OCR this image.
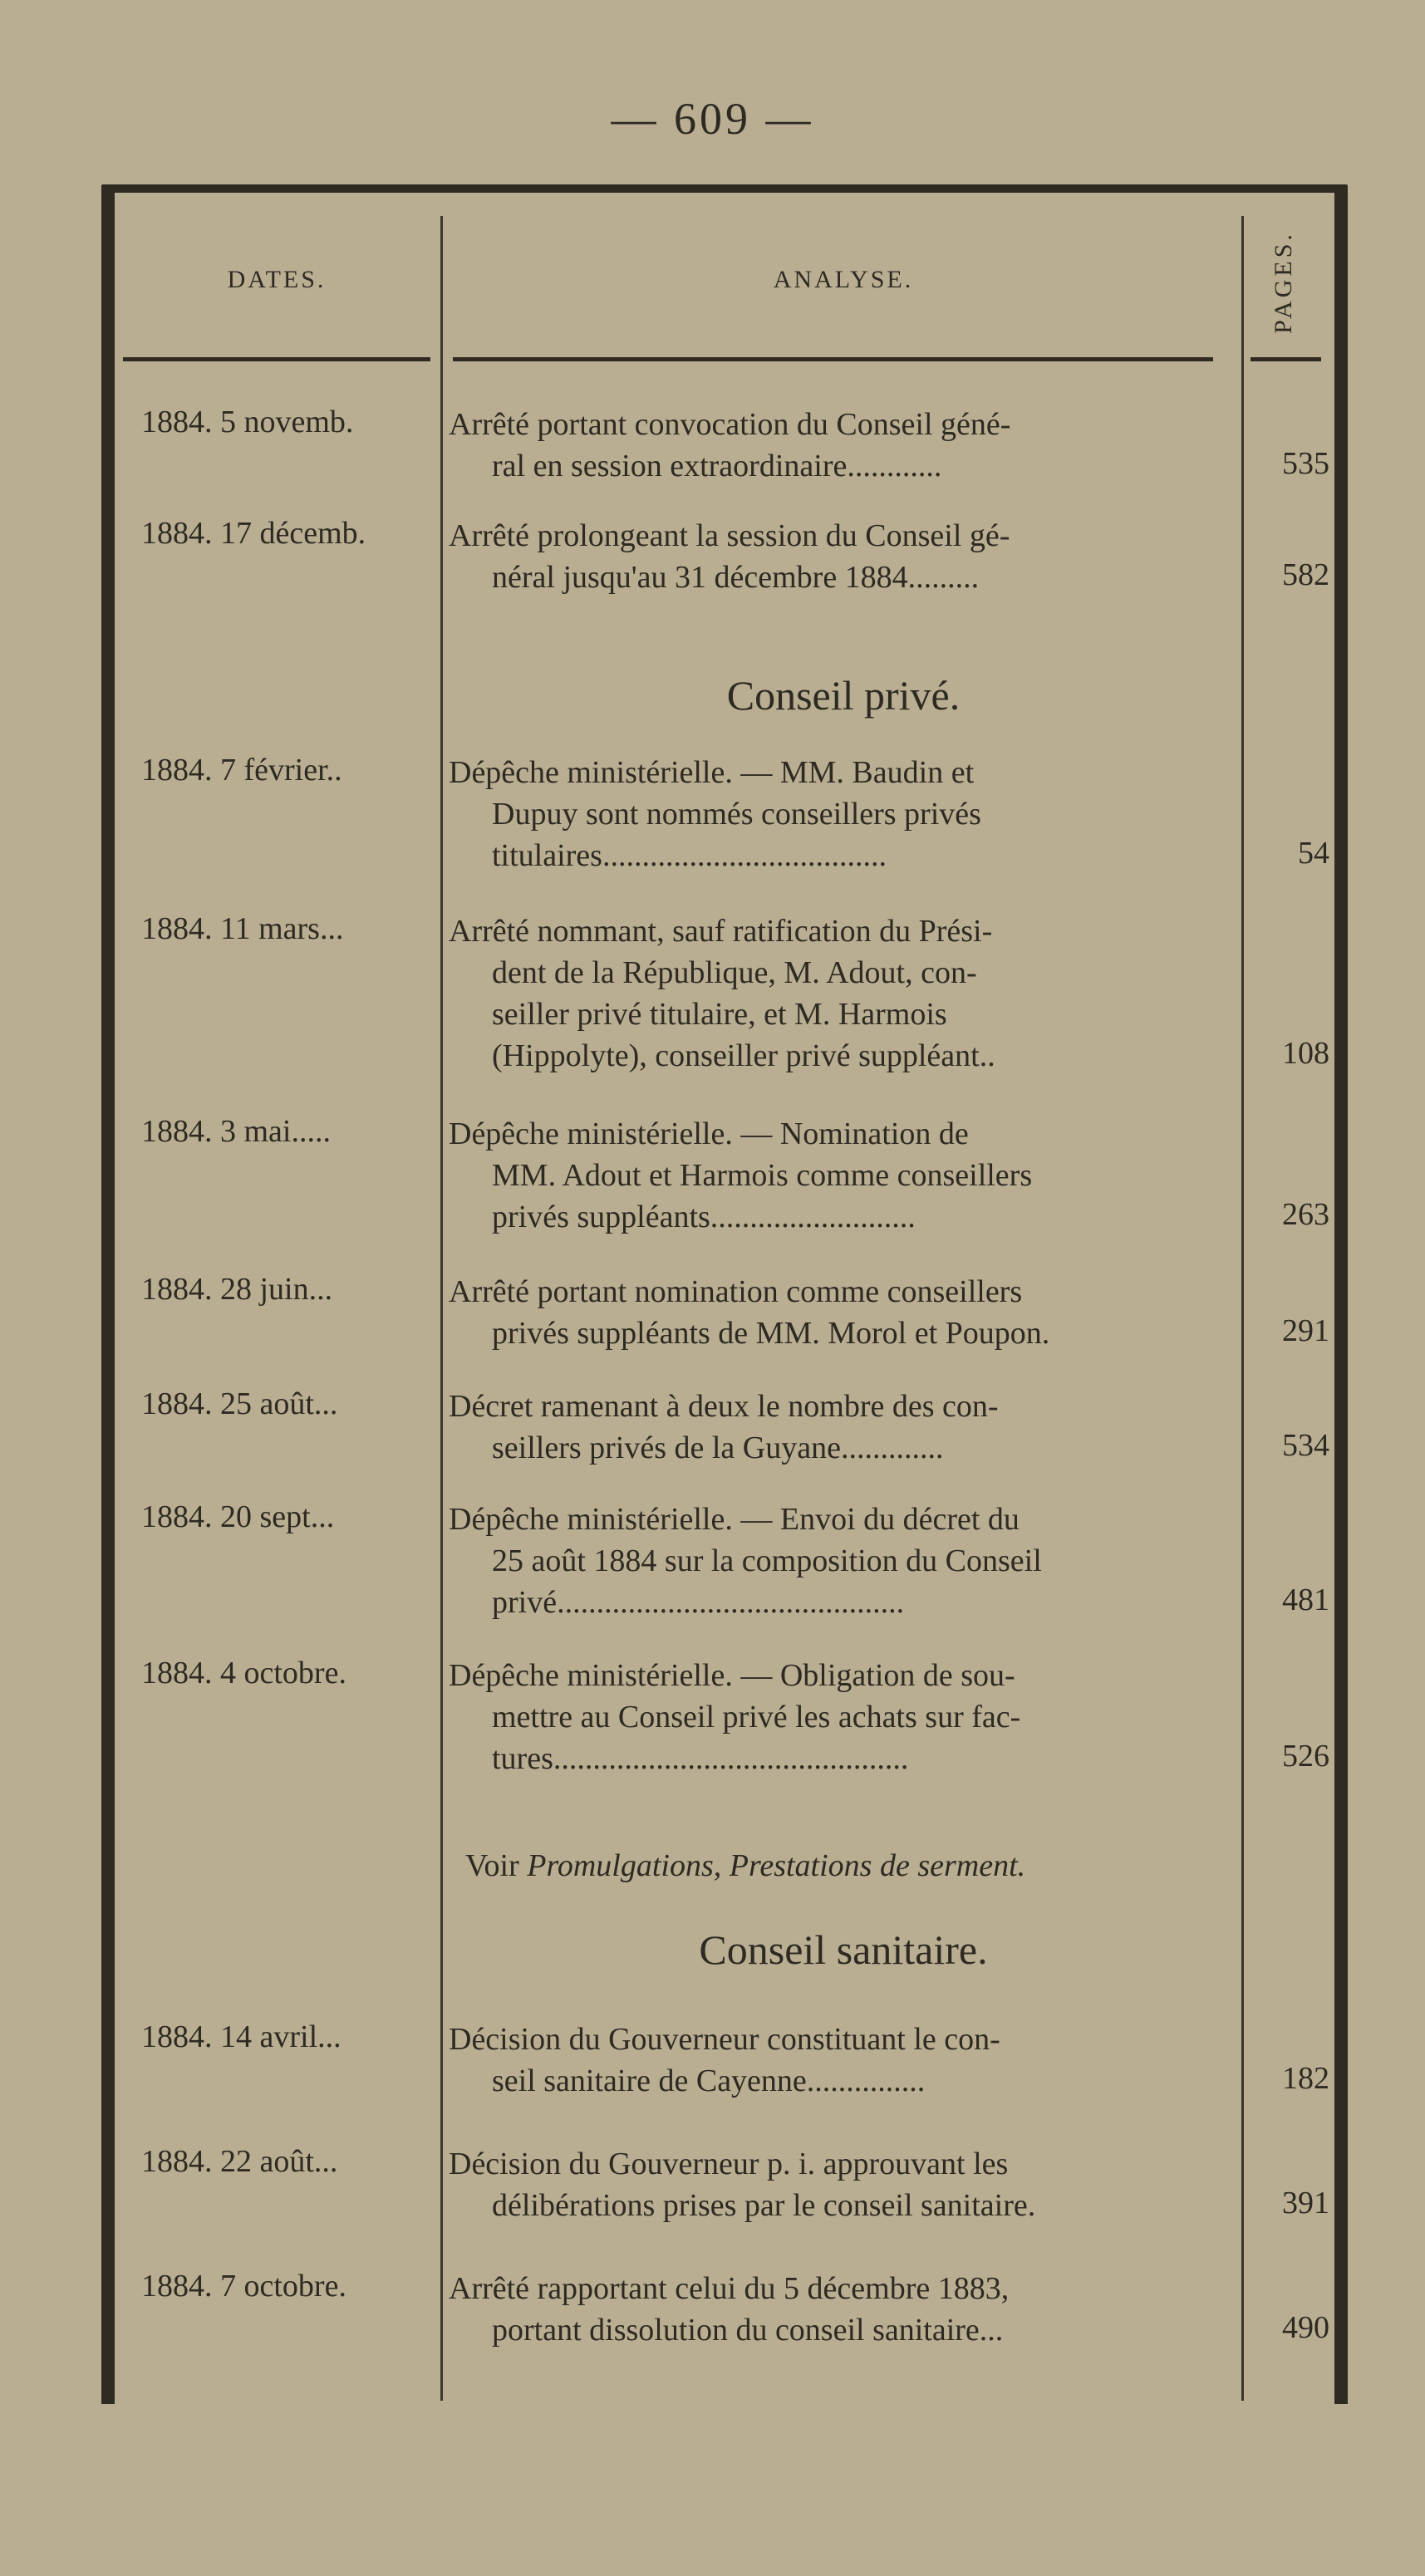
— 609 —
DATES.	ANALYSE.	PAGES.
1884. 5 novemb.	Arrêté portant convocation du Conseil géné-
ral en session extraordinaire............	535
1884. 17 décemb.	Arrêté prolongeant la session du Conseil gé-
néral jusqu'au 31 décembre 1884.........	582
Conseil privé.
1884. 7 février..	Dépêche ministérielle. — MM. Baudin et
Dupuy sont nommés conseillers privés
titulaires....................................	54
1884. 11 mars...	Arrêté nommant, sauf ratification du Prési-
dent de la République, M. Adout, con-
seiller privé titulaire, et M. Harmois
(Hippolyte), conseiller privé suppléant..	108
1884. 3 mai.....	Dépêche ministérielle. — Nomination de
MM. Adout et Harmois comme conseillers
privés suppléants..........................	263
1884. 28 juin...	Arrêté portant nomination comme conseillers
privés suppléants de MM. Morol et Poupon.	291
1884. 25 août...	Décret ramenant à deux le nombre des con-
seillers privés de la Guyane.............	534
1884. 20 sept...	Dépêche ministérielle. — Envoi du décret du
25 août 1884 sur la composition du Conseil
privé............................................	481
1884. 4 octobre.	Dépêche ministérielle. — Obligation de sou-
mettre au Conseil privé les achats sur fac-
tures.............................................	526
Voir Promulgations, Prestations de serment.
Conseil sanitaire.
1884. 14 avril...	Décision du Gouverneur constituant le con-
seil sanitaire de Cayenne...............	182
1884. 22 août...	Décision du Gouverneur p. i. approuvant les
délibérations prises par le conseil sanitaire.	391
1884. 7 octobre.	Arrêté rapportant celui du 5 décembre 1883,
portant dissolution du conseil sanitaire...	490
